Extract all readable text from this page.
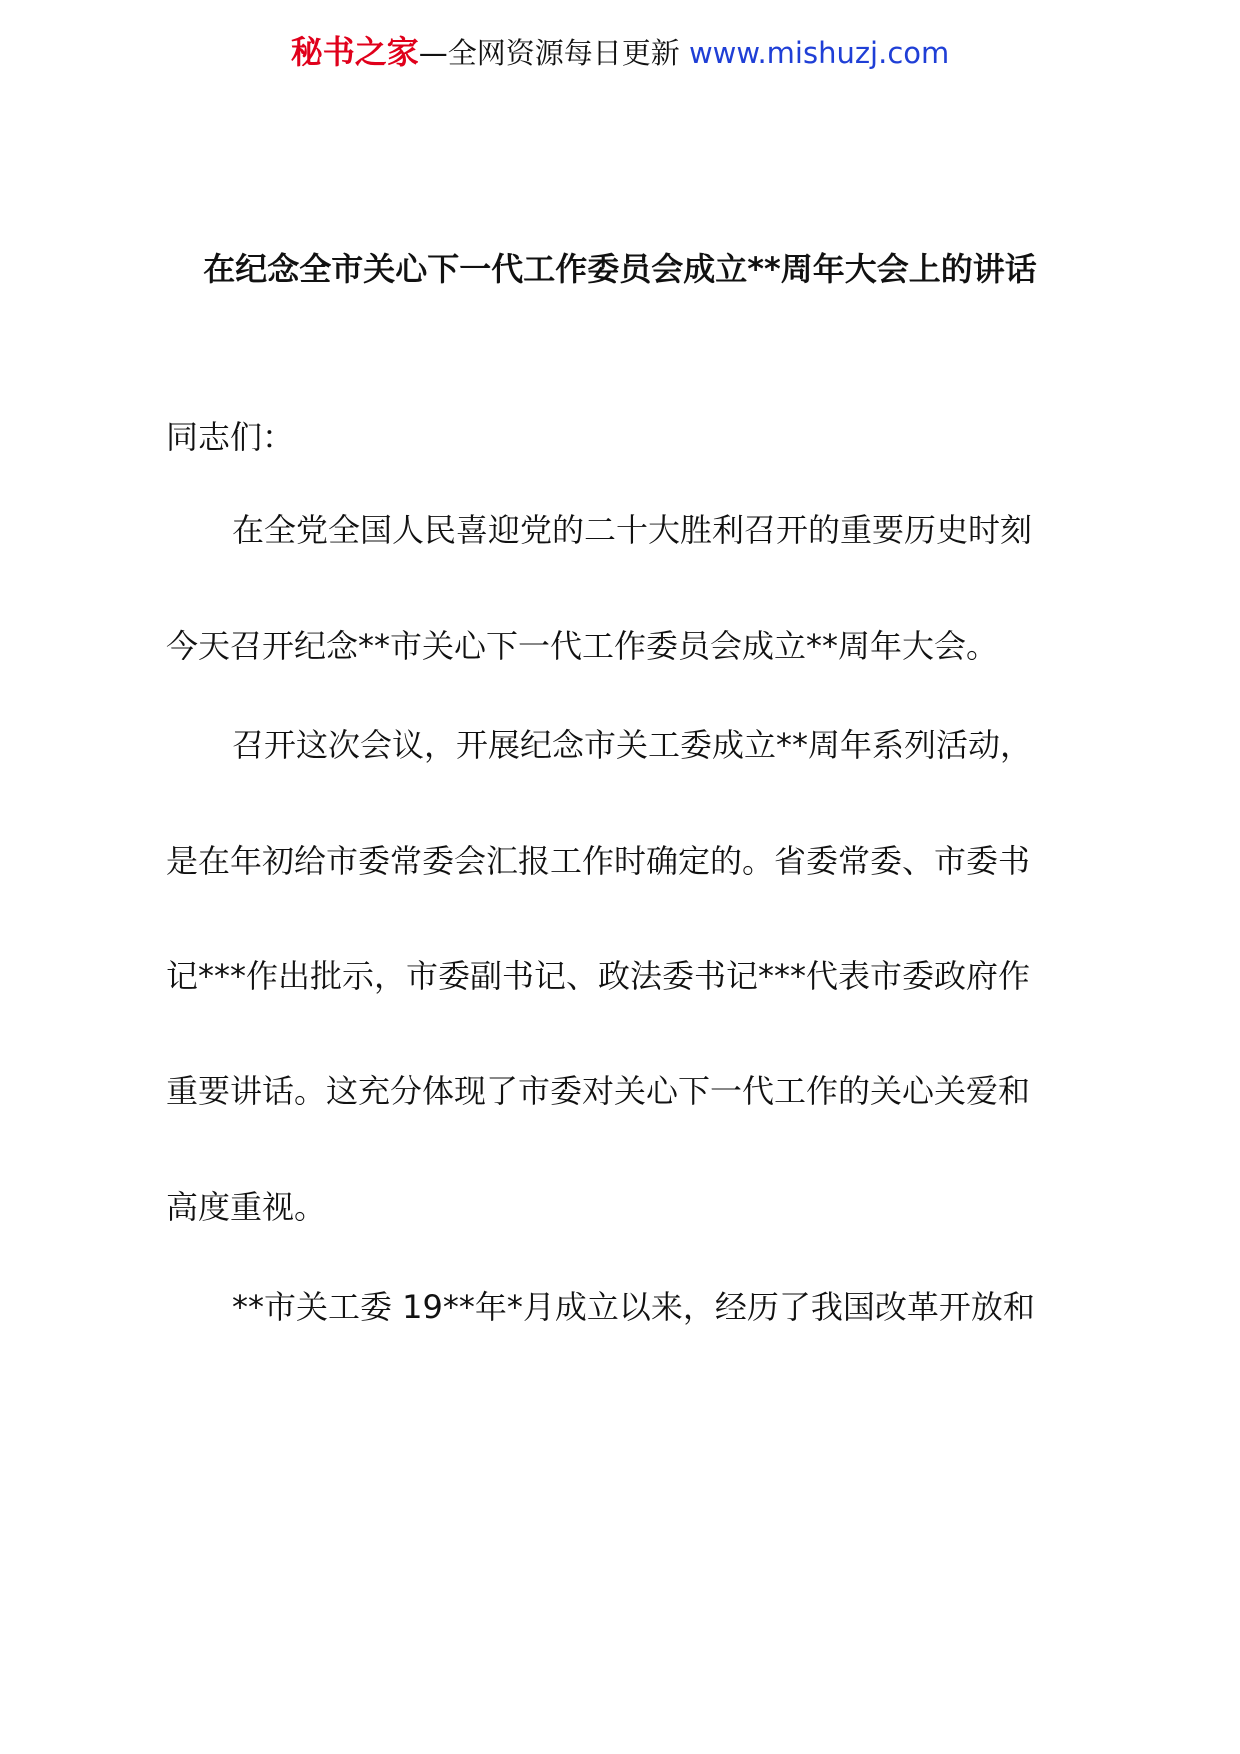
秘书之家—全网资源每日更新 www.mishuzj.com
在纪念全市关心下一代工作委员会成立**周年大会上的讲话
同志们：
在全党全国人民喜迎党的二十大胜利召开的重要历史时刻
今天召开纪念**市关心下一代工作委员会成立**周年大会。
召开这次会议，开展纪念市关工委成立**周年系列活动，
是在年初给市委常委会汇报工作时确定的。省委常委、市委书
记***作出批示，市委副书记、政法委书记***代表市委政府作
重要讲话。这充分体现了市委对关心下一代工作的关心关爱和
高度重视。
**市关工委 19**年*月成立以来，经历了我国改革开放和
